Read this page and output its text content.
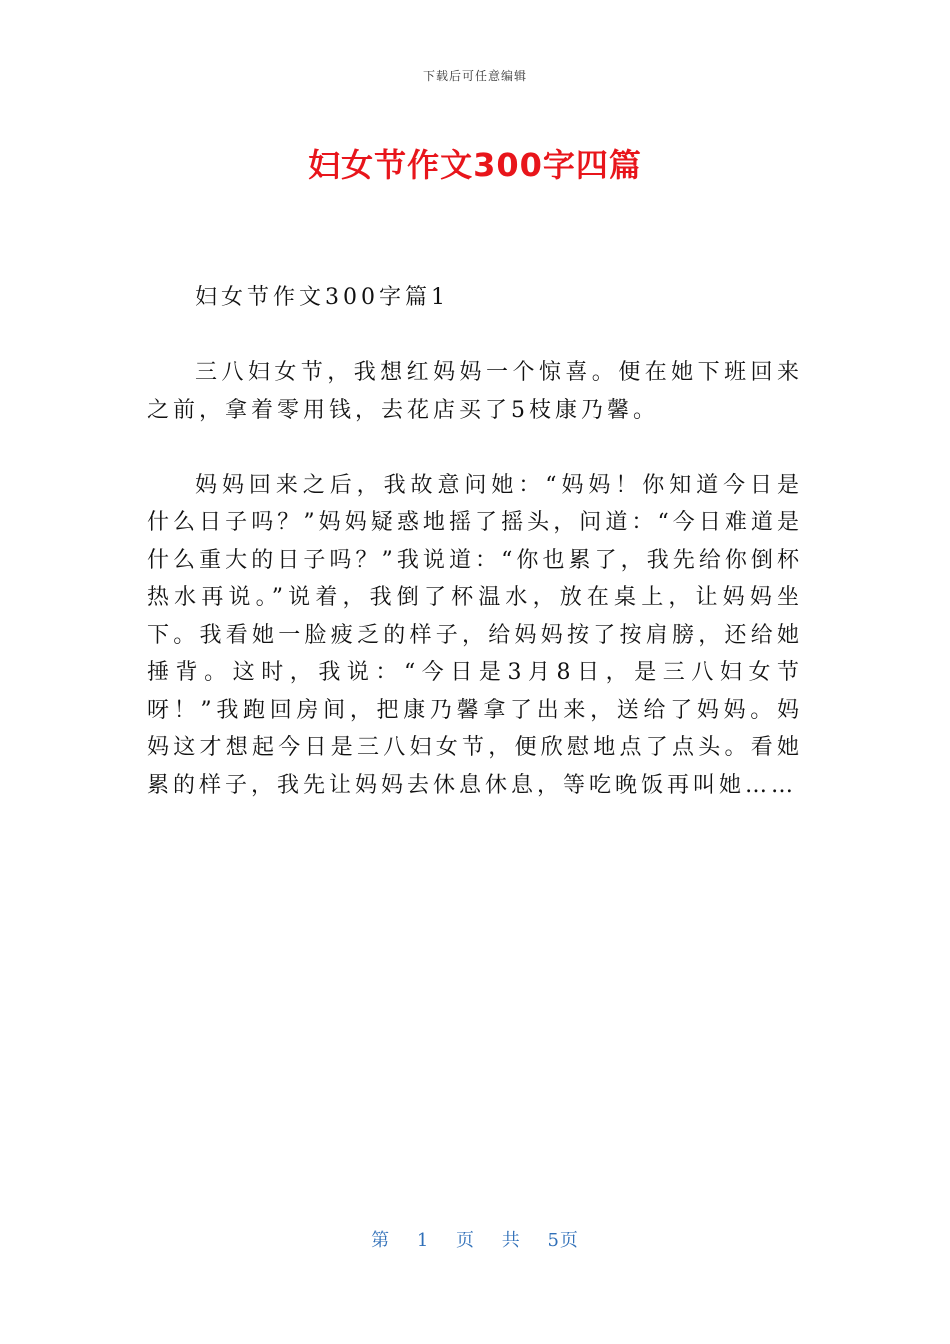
下载后可任意编辑
妇女节作文300字四篇

妇女节作文300字篇1

三八妇女节，我想红妈妈一个惊喜。便在她下班回来之前，拿着零用钱，去花店买了5枝康乃馨。

妈妈回来之后，我故意问她：“妈妈！你知道今日是什么日子吗？”妈妈疑惑地摇了摇头，问道：“今日难道是什么重大的日子吗？”我说道：“你也累了，我先给你倒杯热水再说。”说着，我倒了杯温水，放在桌上，让妈妈坐下。我看她一脸疲乏的样子，给妈妈按了按肩膀，还给她捶背。这时，我说：“今日是3月8日，是三八妇女节呀！”我跑回房间，把康乃馨拿了出来，送给了妈妈。妈妈这才想起今日是三八妇女节，便欣慰地点了点头。看她累的样子，我先让妈妈去休息休息，等吃晚饭再叫她……

第 1 页 共 5页
